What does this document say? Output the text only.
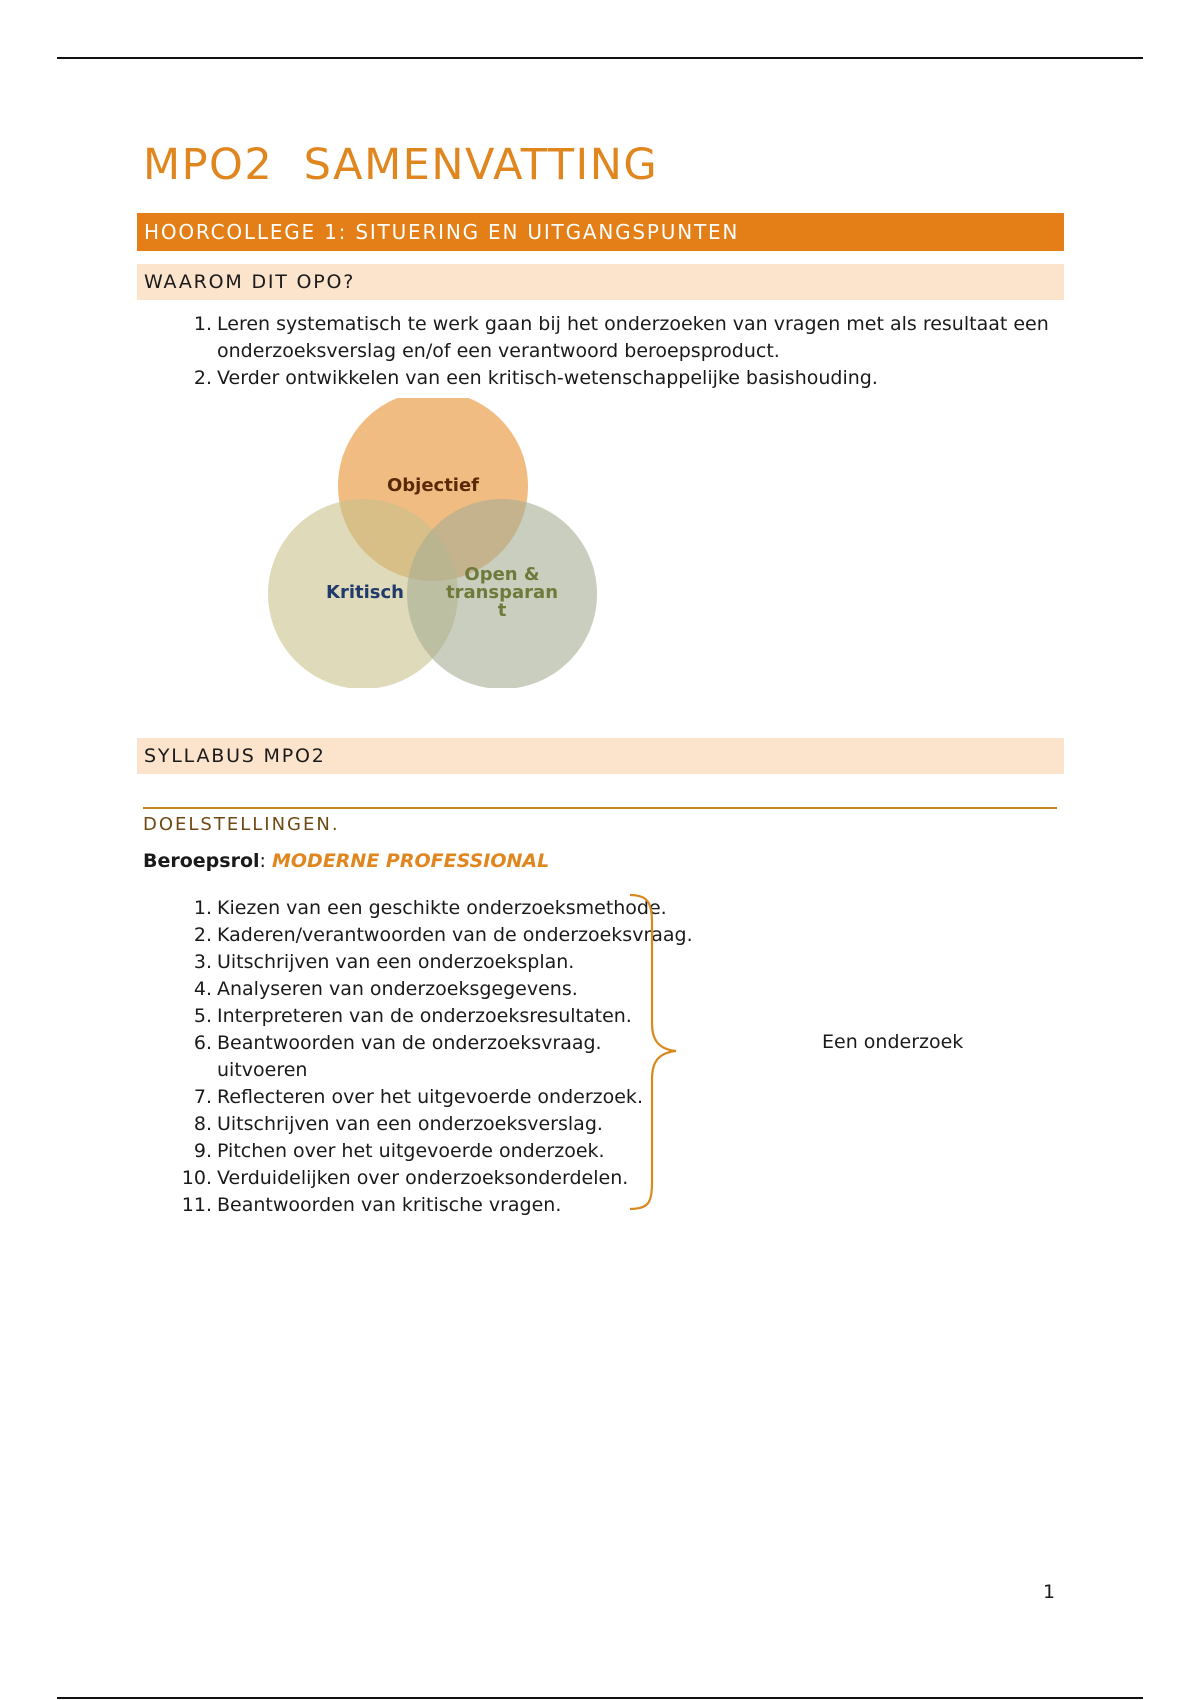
MPO2  SAMENVATTING
HOORCOLLEGE 1: SITUERING EN UITGANGSPUNTEN
WAAROM DIT OPO?
1. Leren systematisch te werk gaan bij het onderzoeken van vragen met als resultaat een onderzoeksverslag en/of een verantwoord beroepsproduct.
2. Verder ontwikkelen van een kritisch-wetenschappelijke basishouding.
Objectief
Kritisch
Open &
transparan
t
SYLLABUS MPO2
DOELSTELLINGEN.
Beroepsrol: MODERNE PROFESSIONAL
1. Kiezen van een geschikte onderzoeksmethode.
2. Kaderen/verantwoorden van de onderzoeksvraag.
3. Uitschrijven van een onderzoeksplan.
4. Analyseren van onderzoeksgegevens.
5. Interpreteren van de onderzoeksresultaten.
6. Beantwoorden van de onderzoeksvraag.
uitvoeren
7. Reflecteren over het uitgevoerde onderzoek.
8. Uitschrijven van een onderzoeksverslag.
9. Pitchen over het uitgevoerde onderzoek.
10. Verduidelijken over onderzoeksonderdelen.
11. Beantwoorden van kritische vragen.
Een onderzoek
1
